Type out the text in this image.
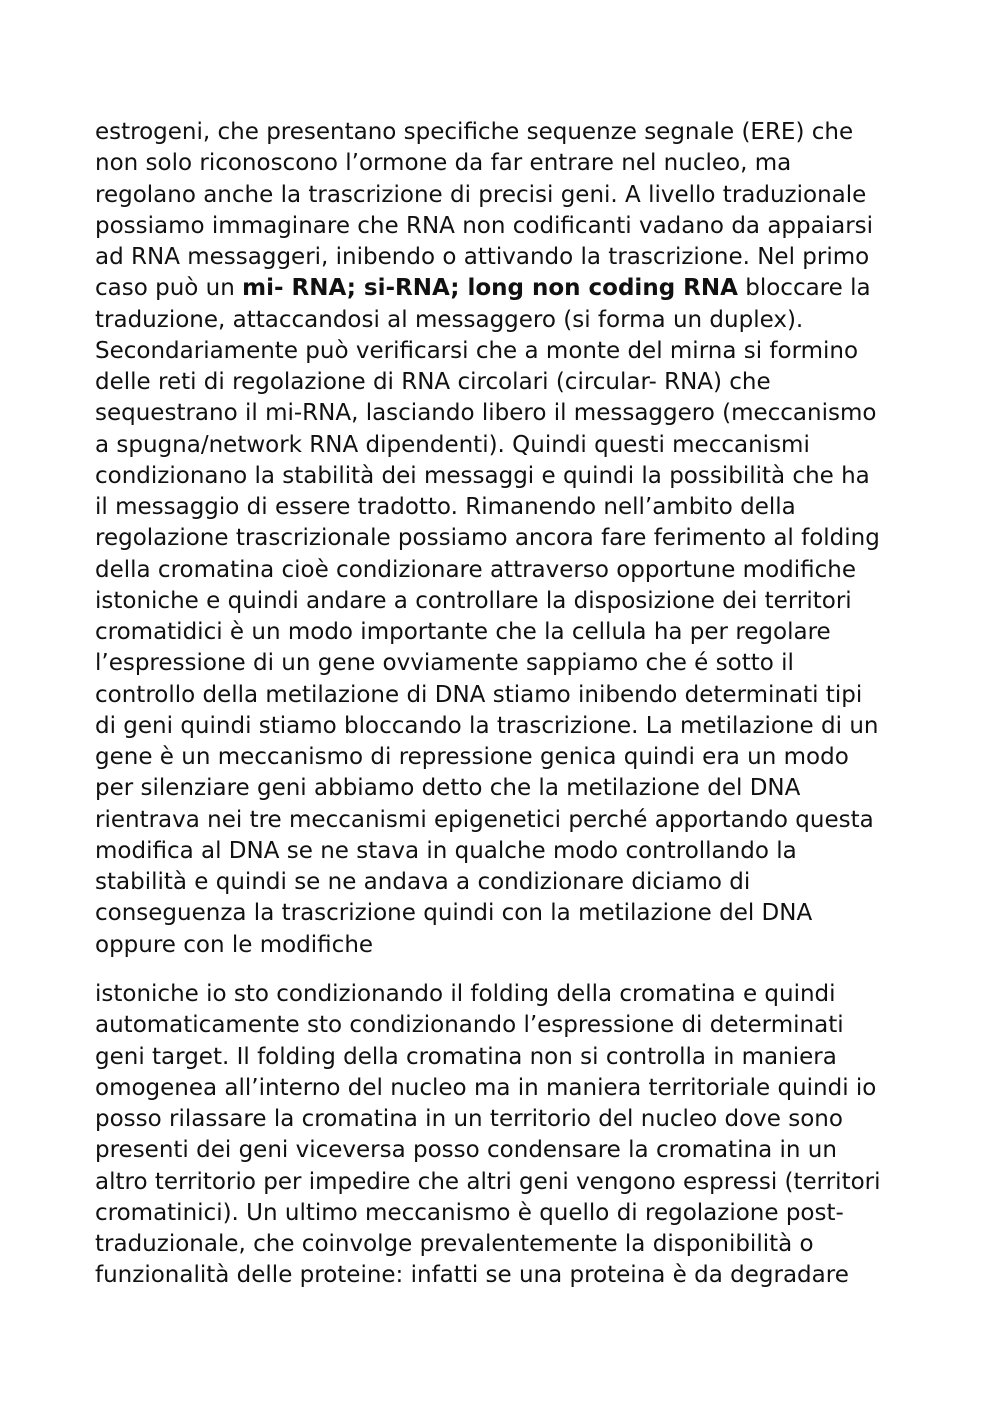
estrogeni, che presentano specifiche sequenze segnale (ERE) che
non solo riconoscono l’ormone da far entrare nel nucleo, ma
regolano anche la trascrizione di precisi geni. A livello traduzionale
possiamo immaginare che RNA non codificanti vadano da appaiarsi
ad RNA messaggeri, inibendo o attivando la trascrizione. Nel primo
caso può un mi- RNA; si-RNA; long non coding RNA bloccare la
traduzione, attaccandosi al messaggero (si forma un duplex).
Secondariamente può verificarsi che a monte del mirna si formino
delle reti di regolazione di RNA circolari (circular- RNA) che
sequestrano il mi-RNA, lasciando libero il messaggero (meccanismo
a spugna/network RNA dipendenti). Quindi questi meccanismi
condizionano la stabilità dei messaggi e quindi la possibilità che ha
il messaggio di essere tradotto. Rimanendo nell’ambito della
regolazione trascrizionale possiamo ancora fare ferimento al folding
della cromatina cioè condizionare attraverso opportune modifiche
istoniche e quindi andare a controllare la disposizione dei territori
cromatidici è un modo importante che la cellula ha per regolare
l’espressione di un gene ovviamente sappiamo che é sotto il
controllo della metilazione di DNA stiamo inibendo determinati tipi
di geni quindi stiamo bloccando la trascrizione. La metilazione di un
gene è un meccanismo di repressione genica quindi era un modo
per silenziare geni abbiamo detto che la metilazione del DNA
rientrava nei tre meccanismi epigenetici perché apportando questa
modifica al DNA se ne stava in qualche modo controllando la
stabilità e quindi se ne andava a condizionare diciamo di
conseguenza la trascrizione quindi con la metilazione del DNA
oppure con le modifiche
istoniche io sto condizionando il folding della cromatina e quindi
automaticamente sto condizionando l’espressione di determinati
geni target. Il folding della cromatina non si controlla in maniera
omogenea all’interno del nucleo ma in maniera territoriale quindi io
posso rilassare la cromatina in un territorio del nucleo dove sono
presenti dei geni viceversa posso condensare la cromatina in un
altro territorio per impedire che altri geni vengono espressi (territori
cromatinici). Un ultimo meccanismo è quello di regolazione post-
traduzionale, che coinvolge prevalentemente la disponibilità o
funzionalità delle proteine: infatti se una proteina è da degradare
